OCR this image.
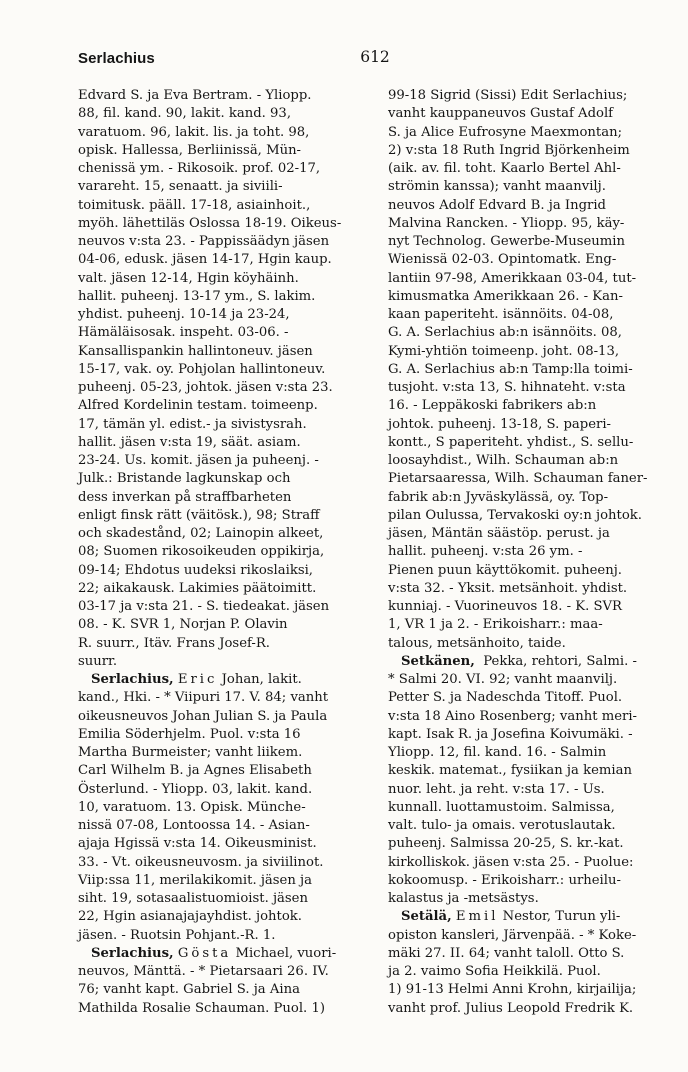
Serlachius	612
Edvard S. ja Eva Bertram. - Yliopp.
88, fil. kand. 90, lakit. kand. 93,
varatuom. 96, lakit. lis. ja toht. 98,
opisk. Hallessa, Berliinissä, Mün-
chenissä ym. - Rikosoik. prof. 02-17,
varareht. 15, senaatt. ja siviili-
toimitusk. pääll. 17-18, asiainhoit.,
myöh. lähettiläs Oslossa 18-19. Oikeus-
neuvos v:sta 23. - Pappissäädyn jäsen
04-06, edusk. jäsen 14-17, Hgin kaup.
valt. jäsen 12-14, Hgin köyhäinh.
hallit. puheenj. 13-17 ym., S. lakim.
yhdist. puheenj. 10-14 ja 23-24,
Hämäläisosak. inspeht. 03-06. -
Kansallispankin hallintoneuv. jäsen
15-17, vak. oy. Pohjolan hallintoneuv.
puheenj. 05-23, johtok. jäsen v:sta 23.
Alfred Kordelinin testam. toimeenp.
17, tämän yl. edist.- ja sivistysrah.
hallit. jäsen v:sta 19, säät. asiam.
23-24. Us. komit. jäsen ja puheenj. -
Julk.: Bristande lagkunskap och
dess inverkan på straffbarheten
enligt finsk rätt (väitösk.), 98; Straff
och skadestånd, 02; Lainopin alkeet,
08; Suomen rikosoikeuden oppikirja,
09-14; Ehdotus uudeksi rikoslaiksi,
22; aikakausk. Lakimies päätoimitt.
03-17 ja v:sta 21. - S. tiedeakat. jäsen
08. - K. SVR 1, Norjan P. Olavin
R. suurr., Itäv. Frans Josef-R.
suurr.
Serlachius, Eric Johan, lakit.
kand., Hki. - * Viipuri 17. V. 84; vanht
oikeusneuvos Johan Julian S. ja Paula
Emilia Söderhjelm. Puol. v:sta 16
Martha Burmeister; vanht liikem.
Carl Wilhelm B. ja Agnes Elisabeth
Österlund. - Yliopp. 03, lakit. kand.
10, varatuom. 13. Opisk. Münche-
nissä 07-08, Lontoossa 14. - Asian-
ajaja Hgissä v:sta 14. Oikeusminist.
33. - Vt. oikeusneuvosm. ja siviilinot.
Viip:ssa 11, merilakikomit. jäsen ja
siht. 19, sotasaalistuomioist. jäsen
22, Hgin asianajajayhdist. johtok.
jäsen. - Ruotsin Pohjant.-R. 1.
Serlachius, Gösta Michael, vuori-
neuvos, Mänttä. - * Pietarsaari 26. IV.
76; vanht kapt. Gabriel S. ja Aina
Mathilda Rosalie Schauman. Puol. 1)
99-18 Sigrid (Sissi) Edit Serlachius;
vanht kauppaneuvos Gustaf Adolf
S. ja Alice Eufrosyne Maexmontan;
2) v:sta 18 Ruth Ingrid Björkenheim
(aik. av. fil. toht. Kaarlo Bertel Ahl-
strömin kanssa); vanht maanvilj.
neuvos Adolf Edvard B. ja Ingrid
Malvina Rancken. - Yliopp. 95, käy-
nyt Technolog. Gewerbe-Museumin
Wienissä 02-03. Opintomatk. Eng-
lantiin 97-98, Amerikkaan 03-04, tut-
kimusmatka Amerikkaan 26. - Kan-
kaan paperiteht. isännöits. 04-08,
G. A. Serlachius ab:n isännöits. 08,
Kymi-yhtiön toimeenp. joht. 08-13,
G. A. Serlachius ab:n Tamp:lla toimi-
tusjoht. v:sta 13, S. hihnateht. v:sta
16. - Leppäkoski fabrikers ab:n
johtok. puheenj. 13-18, S. paperi-
kontt., S paperiteht. yhdist., S. sellu-
loosayhdist., Wilh. Schauman ab:n
Pietarsaaressa, Wilh. Schauman faner-
fabrik ab:n Jyväskylässä, oy. Top-
pilan Oulussa, Tervakoski oy:n johtok.
jäsen, Mäntän säästöp. perust. ja
hallit. puheenj. v:sta 26 ym. -
Pienen puun käyttökomit. puheenj.
v:sta 32. - Yksit. metsänhoit. yhdist.
kunniaj. - Vuorineuvos 18. - K. SVR
1, VR 1 ja 2. - Erikoisharr.: maa-
talous, metsänhoito, taide.
Setkänen,  Pekka, rehtori, Salmi. -
* Salmi 20. VI. 92; vanht maanvilj.
Petter S. ja Nadeschda Titoff. Puol.
v:sta 18 Aino Rosenberg; vanht meri-
kapt. Isak R. ja Josefina Koivumäki. -
Yliopp. 12, fil. kand. 16. - Salmin
keskik. matemat., fysiikan ja kemian
nuor. leht. ja reht. v:sta 17. - Us.
kunnall. luottamustoim. Salmissa,
valt. tulo- ja omais. verotuslautak.
puheenj. Salmissa 20-25, S. kr.-kat.
kirkolliskok. jäsen v:sta 25. - Puolue:
kokoomusp. - Erikoisharr.: urheilu-
kalastus ja -metsästys.
Setälä, Emil Nestor, Turun yli-
opiston kansleri, Järvenpää. - * Koke-
mäki 27. II. 64; vanht taloll. Otto S.
ja 2. vaimo Sofia Heikkilä. Puol.
1) 91-13 Helmi Anni Krohn, kirjailija;
vanht prof. Julius Leopold Fredrik K.
